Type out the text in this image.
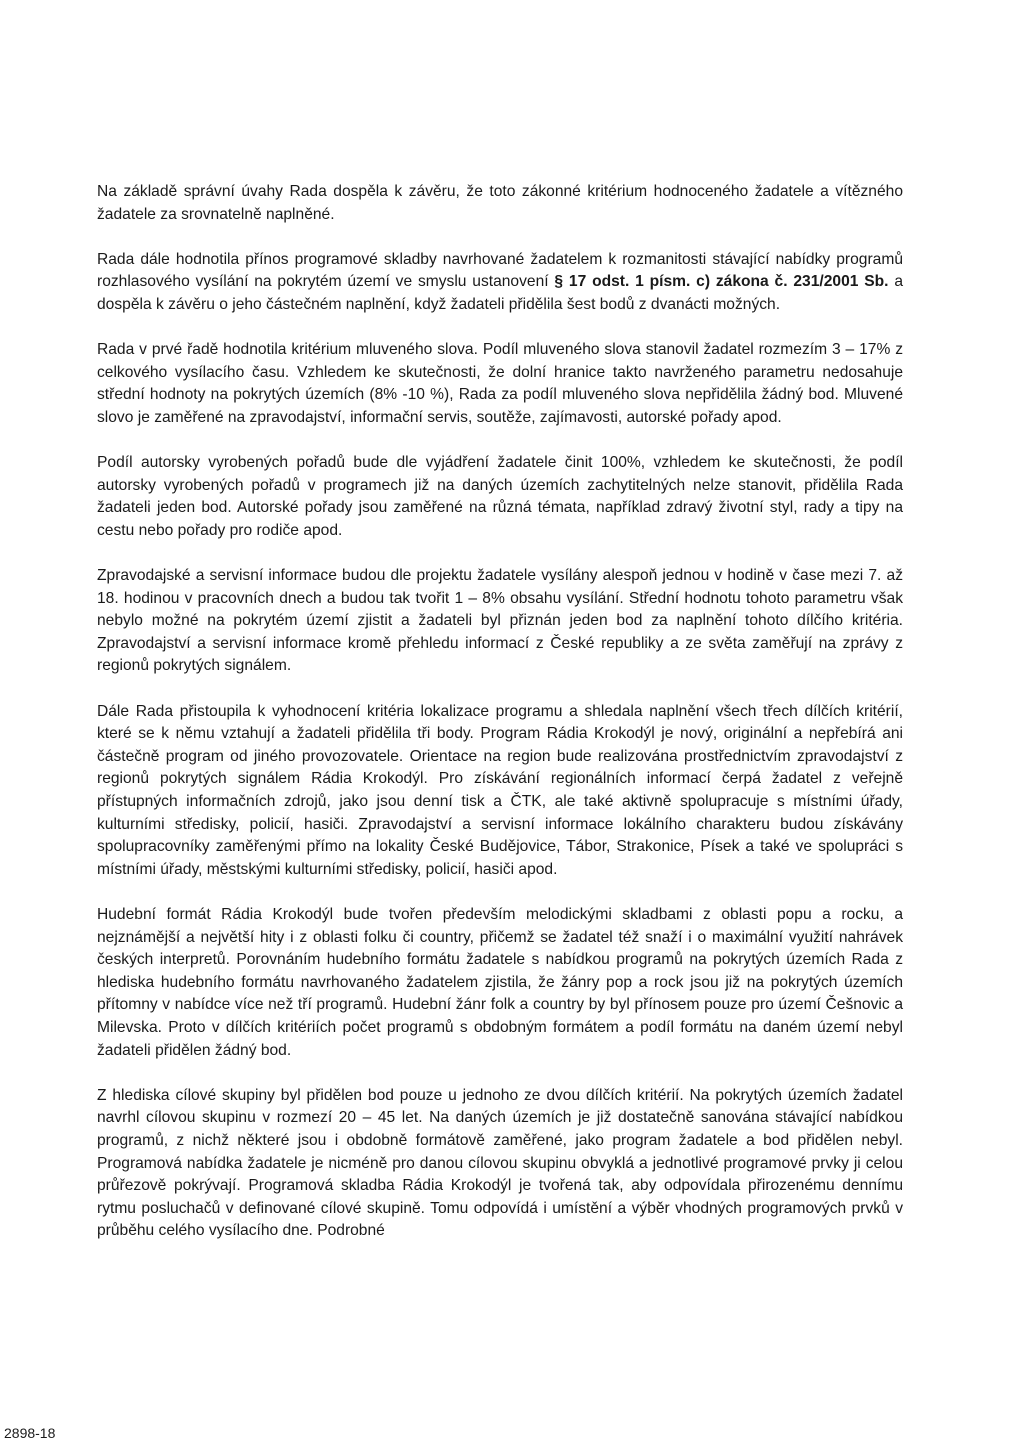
Na základě správní úvahy Rada dospěla k závěru, že toto zákonné kritérium hodnoceného žadatele a vítězného žadatele za srovnatelně naplněné.

Rada dále hodnotila přínos programové skladby navrhované žadatelem k rozmanitosti stávající nabídky programů rozhlasového vysílání na pokrytém území ve smyslu ustanovení § 17 odst. 1 písm. c) zákona č. 231/2001 Sb. a dospěla k závěru o jeho částečném naplnění, když žadateli přidělila šest bodů z dvanácti možných.

Rada v prvé řadě hodnotila kritérium mluveného slova. Podíl mluveného slova stanovil žadatel rozmezím 3 – 17% z celkového vysílacího času. Vzhledem ke skutečnosti, že dolní hranice takto navrženého parametru nedosahuje střední hodnoty na pokrytých územích (8% -10 %), Rada za podíl mluveného slova nepřidělila žádný bod. Mluvené slovo je zaměřené na zpravodajství, informační servis, soutěže, zajímavosti, autorské pořady apod.

Podíl autorsky vyrobených pořadů bude dle vyjádření žadatele činit 100%, vzhledem ke skutečnosti, že podíl autorsky vyrobených pořadů v programech již na daných územích zachytitelných nelze stanovit, přidělila Rada žadateli jeden bod. Autorské pořady jsou zaměřené na různá témata, například zdravý životní styl, rady a tipy na cestu nebo pořady pro rodiče apod.

Zpravodajské a servisní informace budou dle projektu žadatele vysílány alespoň jednou v hodině v čase mezi 7. až 18. hodinou v pracovních dnech a budou tak tvořit 1 – 8% obsahu vysílání. Střední hodnotu tohoto parametru však nebylo možné na pokrytém území zjistit a žadateli byl přiznán jeden bod za naplnění tohoto dílčího kritéria. Zpravodajství a servisní informace kromě přehledu informací z České republiky a ze světa zaměřují na zprávy z regionů pokrytých signálem.

Dále Rada přistoupila k vyhodnocení kritéria lokalizace programu a shledala naplnění všech třech dílčích kritérií, které se k němu vztahují a žadateli přidělila tři body. Program Rádia Krokodýl je nový, originální a nepřebírá ani částečně program od jiného provozovatele. Orientace na region bude realizována prostřednictvím zpravodajství z regionů pokrytých signálem Rádia Krokodýl. Pro získávání regionálních informací čerpá žadatel z veřejně přístupných informačních zdrojů, jako jsou denní tisk a ČTK, ale také aktivně spolupracuje s místními úřady, kulturními středisky, policií, hasiči. Zpravodajství a servisní informace lokálního charakteru budou získávány spolupracovníky zaměřenými přímo na lokality České Budějovice, Tábor, Strakonice, Písek a také ve spolupráci s místními úřady, městskými kulturními středisky, policií, hasiči apod.

Hudební formát Rádia Krokodýl bude tvořen především melodickými skladbami z oblasti popu a rocku, a nejznámější a největší hity i z oblasti folku či country, přičemž se žadatel též snaží i o maximální využití nahrávek českých interpretů. Porovnáním hudebního formátu žadatele s nabídkou programů na pokrytých územích Rada z hlediska hudebního formátu navrhovaného žadatelem zjistila, že žánry pop a rock jsou již na pokrytých územích přítomny v nabídce více než tří programů. Hudební žánr folk a country by byl přínosem pouze pro území Češnovic a Milevska. Proto v dílčích kritériích počet programů s obdobným formátem a podíl formátu na daném území nebyl žadateli přidělen žádný bod.

Z hlediska cílové skupiny byl přidělen bod pouze u jednoho ze dvou dílčích kritérií. Na pokrytých územích žadatel navrhl cílovou skupinu v rozmezí 20 – 45 let. Na daných územích je již dostatečně sanována stávající nabídkou programů, z nichž některé jsou i obdobně formátově zaměřené, jako program žadatele a bod přidělen nebyl. Programová nabídka žadatele je nicméně pro danou cílovou skupinu obvyklá a jednotlivé programové prvky ji celou průřezově pokrývají. Programová skladba Rádia Krokodýl je tvořená tak, aby odpovídala přirozenému dennímu rytmu posluchačů v definované cílové skupině. Tomu odpovídá i umístění a výběr vhodných programových prvků v průběhu celého vysílacího dne. Podrobné

2898-18
